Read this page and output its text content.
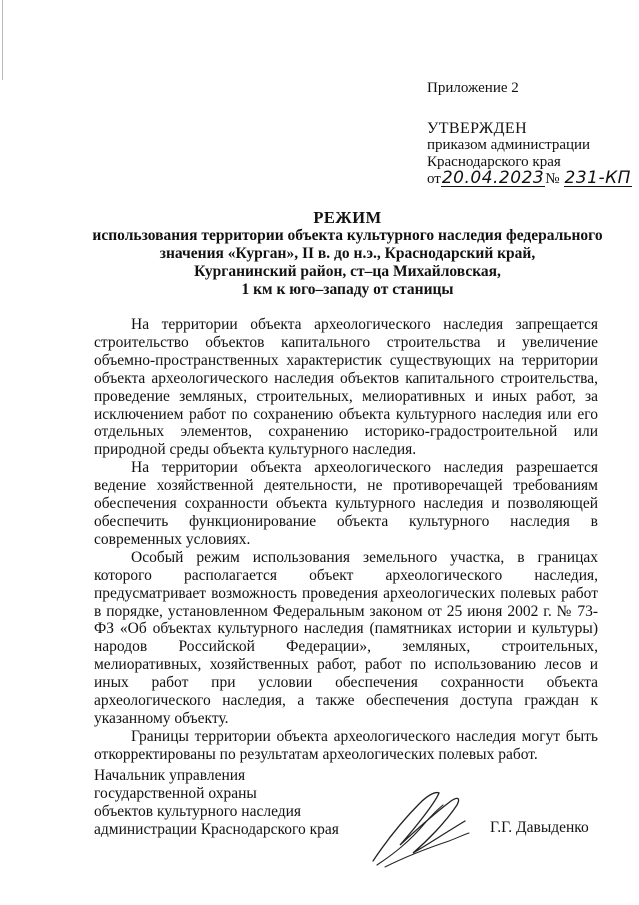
Приложение 2
УТВЕРЖДЕН
приказом администрации
Краснодарского края
от20.04.2023№ 231-КП
РЕЖИМ
использования территории объекта культурного наследия федерального
значения «Курган», II в. до н.э., Краснодарский край,
Курганинский район, ст–ца Михайловская,
1 км к юго–западу от станицы

На территории объекта археологического наследия запрещается строительство объектов капитального строительства и увеличение объемно-пространственных характеристик существующих на территории объекта археологического наследия объектов капитального строительства, проведение земляных, строительных, мелиоративных и иных работ, за исключением работ по сохранению объекта культурного наследия или его отдельных элементов, сохранению историко-градостроительной или природной среды объекта культурного наследия.

На территории объекта археологического наследия разрешается ведение хозяйственной деятельности, не противоречащей требованиям обеспечения сохранности объекта культурного наследия и позволяющей обеспечить функционирование объекта культурного наследия в современных условиях.

Особый режим использования земельного участка, в границах которого располагается объект археологического наследия, предусматривает возможность проведения археологических полевых работ в порядке, установленном Федеральным законом от 25 июня 2002 г. № 73-ФЗ «Об объектах культурного наследия (памятниках истории и культуры) народов Российской Федерации», земляных, строительных, мелиоративных, хозяйственных работ, работ по использованию лесов и иных работ при условии обеспечения сохранности объекта археологического наследия, а также обеспечения доступа граждан к указанному объекту.

Границы территории объекта археологического наследия могут быть откорректированы по результатам археологических полевых работ.

Начальник управления
государственной охраны
объектов культурного наследия
администрации Краснодарского края	Г.Г. Давыденко
